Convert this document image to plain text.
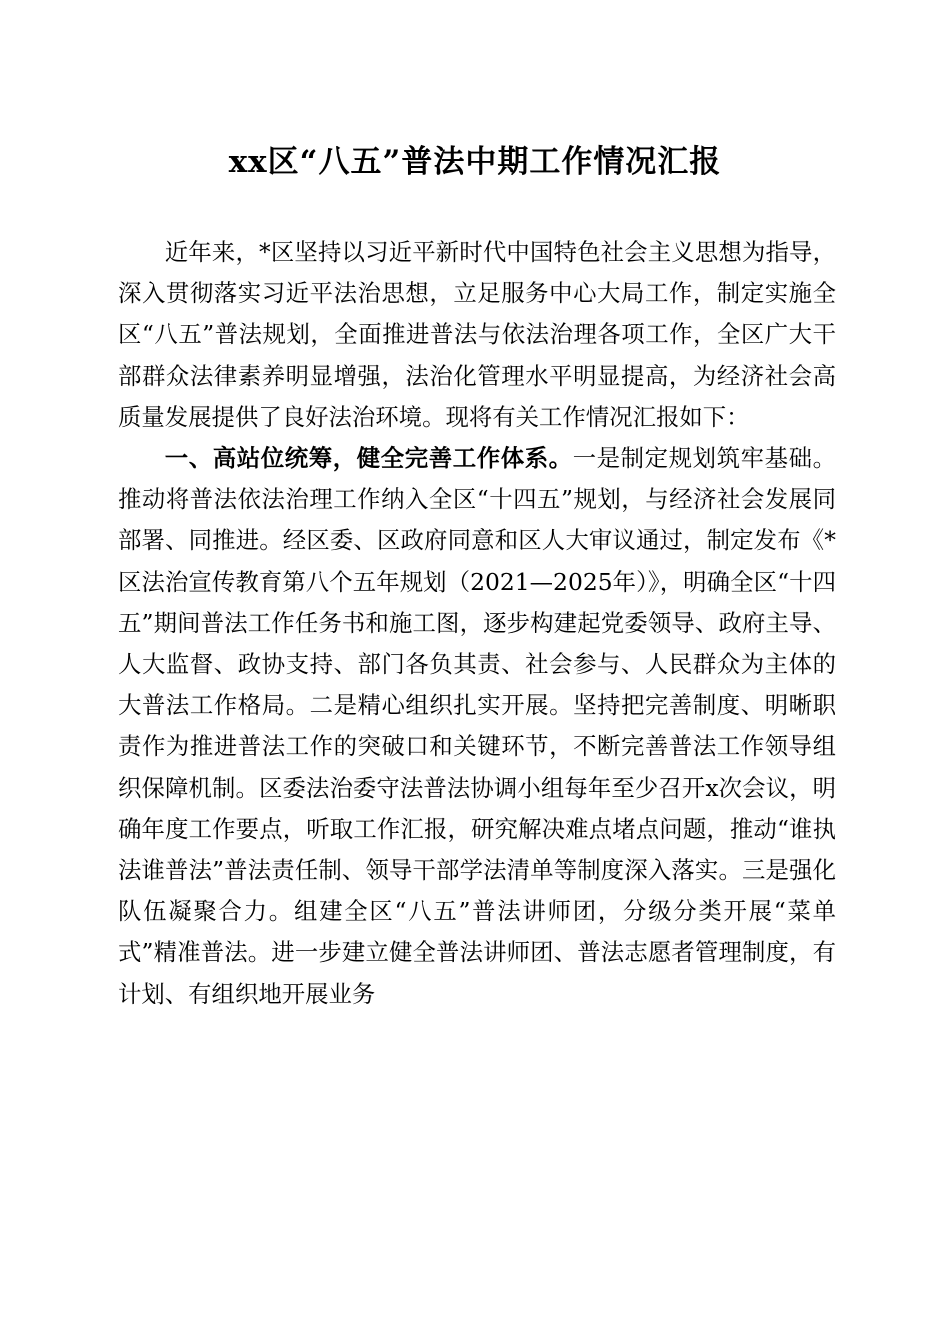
xx区“八五”普法中期工作情况汇报

近年来，*区坚持以习近平新时代中国特色社会主义思想为指导，深入贯彻落实习近平法治思想，立足服务中心大局工作，制定实施全区“八五”普法规划，全面推进普法与依法治理各项工作，全区广大干部群众法律素养明显增强，法治化管理水平明显提高，为经济社会高质量发展提供了良好法治环境。现将有关工作情况汇报如下：

一、高站位统筹，健全完善工作体系。一是制定规划筑牢基础。推动将普法依法治理工作纳入全区“十四五”规划，与经济社会发展同部署、同推进。经区委、区政府同意和区人大审议通过，制定发布《*区法治宣传教育第八个五年规划（2021—2025年）》，明确全区“十四五”期间普法工作任务书和施工图，逐步构建起党委领导、政府主导、人大监督、政协支持、部门各负其责、社会参与、人民群众为主体的大普法工作格局。二是精心组织扎实开展。坚持把完善制度、明晰职责作为推进普法工作的突破口和关键环节，不断完善普法工作领导组织保障机制。区委法治委守法普法协调小组每年至少召开x次会议，明确年度工作要点，听取工作汇报，研究解决难点堵点问题，推动“谁执法谁普法”普法责任制、领导干部学法清单等制度深入落实。三是强化队伍凝聚合力。组建全区“八五”普法讲师团，分级分类开展“菜单式”精准普法。进一步建立健全普法讲师团、普法志愿者管理制度，有计划、有组织地开展业务
